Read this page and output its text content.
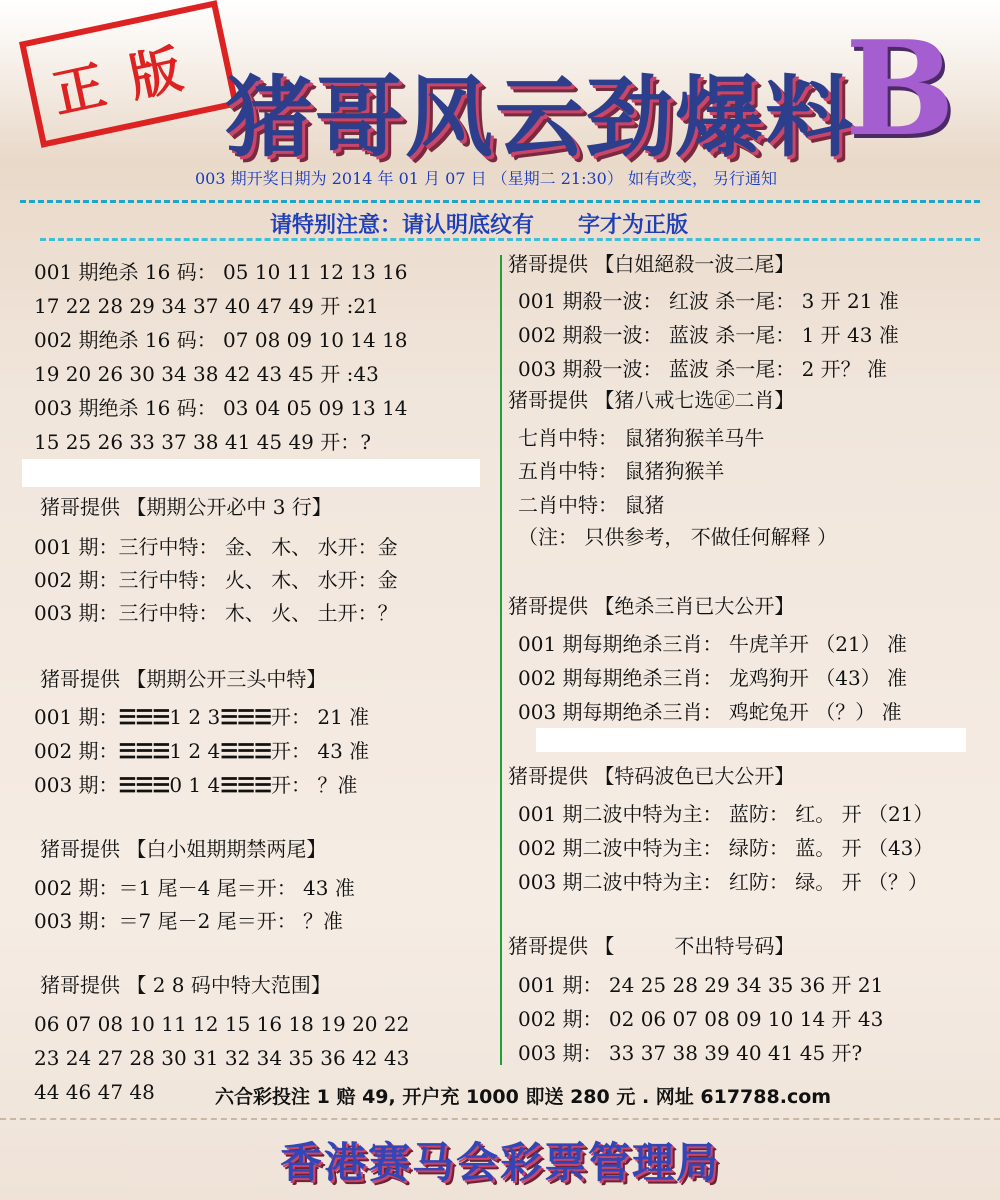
正版 猪哥风云劲爆料
B
003 期开奖日期为 2014 年 01 月 07 日 （星期二 21:30） 如有改变， 另行通知
请特别注意：请认明底纹有　　字才为正版
001 期绝杀 16 码： 05 10 11 12 13 16
17 22 28 29 34 37 40 47 49 开 :21
002 期绝杀 16 码： 07 08 09 10 14 18
19 20 26 30 34 38 42 43 45 开 :43
003 期绝杀 16 码： 03 04 05 09 13 14
15 25 26 33 37 38 41 45 49 开：?
猪哥提供 【期期公开必中 3 行】
001 期：三行中特： 金、 木、 水开：金
002 期：三行中特： 火、 木、 水开：金
003 期：三行中特： 木、 火、 土开：？
猪哥提供 【期期公开三头中特】
001 期：☰☰☰1 2 3☰☰☰开： 21 准
002 期：☰☰☰1 2 4☰☰☰开： 43 准
003 期：☰☰☰0 1 4☰☰☰开： ？准
猪哥提供 【白小姐期期禁两尾】
002 期：＝1 尾－4 尾＝开： 43 准
003 期：＝7 尾－2 尾＝开： ？准
猪哥提供 【 2 8 码中特大范围】
06 07 08 10 11 12 15 16 18 19 20 22
23 24 27 28 30 31 32 34 35 36 42 43
44 46 47 48
猪哥提供 【白姐絕殺一波二尾】
001 期殺一波： 红波 杀一尾： 3 开 21 准
002 期殺一波： 蓝波 杀一尾： 1 开 43 准
003 期殺一波： 蓝波 杀一尾： 2 开？ 准
猪哥提供 【猪八戒七选㊣二肖】
七肖中特： 鼠猪狗猴羊马牛
五肖中特： 鼠猪狗猴羊
二肖中特： 鼠猪
（注： 只供参考， 不做任何解释 ）
猪哥提供 【绝杀三肖已大公开】
001 期每期绝杀三肖： 牛虎羊开 （21） 准
002 期每期绝杀三肖： 龙鸡狗开 （43） 准
003 期每期绝杀三肖： 鸡蛇兔开 （？） 准
猪哥提供 【特码波色已大公开】
001 期二波中特为主： 蓝防： 红。 开 （21）
002 期二波中特为主： 绿防： 蓝。 开 （43）
003 期二波中特为主： 红防： 绿。 开 （？）
猪哥提供 【　　　不出特号码】
001 期： 24 25 28 29 34 35 36 开 21
002 期： 02 06 07 08 09 10 14 开 43
003 期： 33 37 38 39 40 41 45 开?
六合彩投注 1 赔 49, 开户充 1000 即送 280 元 . 网址 617788.com
香港赛马会彩票管理局
